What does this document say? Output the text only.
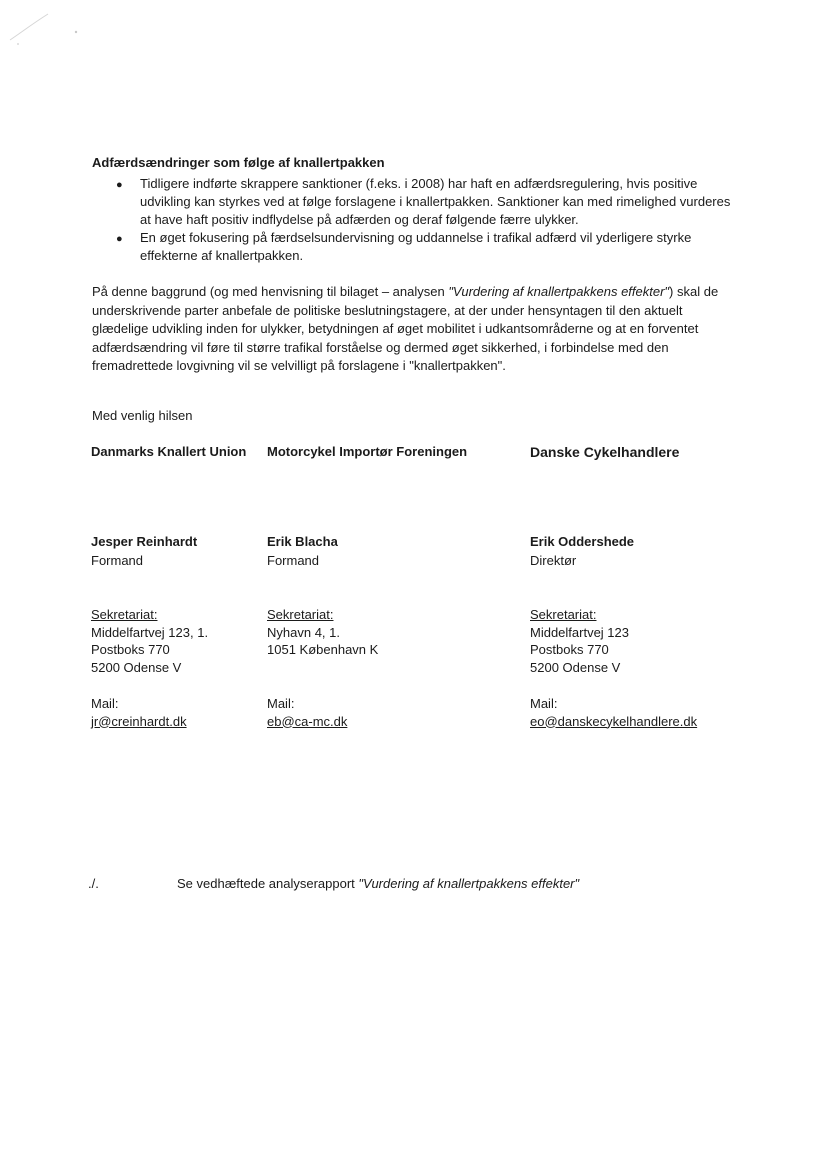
Adfærdsændringer som følge af knallertpakken
● Tidligere indførte skrappere sanktioner (f.eks. i 2008) har haft en adfærdsregulering, hvis positive udvikling kan styrkes ved at følge forslagene i knallertpakken. Sanktioner kan med rimelighed vurderes at have haft positiv indflydelse på adfærden og deraf følgende færre ulykker.
● En øget fokusering på færdselsundervisning og uddannelse i trafikal adfærd vil yderligere styrke effekterne af knallertpakken.

På denne baggrund (og med henvisning til bilaget – analysen "Vurdering af knallertpakkens effekter") skal de underskrivende parter anbefale de politiske beslutningstagere, at der under hensyntagen til den aktuelt glædelige udvikling inden for ulykker, betydningen af øget mobilitet i udkantsområderne og at en forventet adfærdsændring vil føre til større trafikal forståelse og dermed øget sikkerhed, i forbindelse med den fremadrettede lovgivning vil se velvilligt på forslagene i "knallertpakken".

Med venlig hilsen
Danmarks Knallert Union
Jesper Reinhardt
Formand
Sekretariat:
Middelfartvej 123, 1.
Postboks 770
5200 Odense V
Mail:
jr@creinhardt.dk
Motorcykel Importør Foreningen
Erik Blacha
Formand
Sekretariat:
Nyhavn 4, 1.
1051 København K
Mail:
eb@ca-mc.dk
Danske Cykelhandlere
Erik Oddershede
Direktør
Sekretariat:
Middelfartvej 123
Postboks 770
5200 Odense V
Mail:
eo@danskecykelhandlere.dk
./.	Se vedhæftede analyserapport "Vurdering af knallertpakkens effekter"
